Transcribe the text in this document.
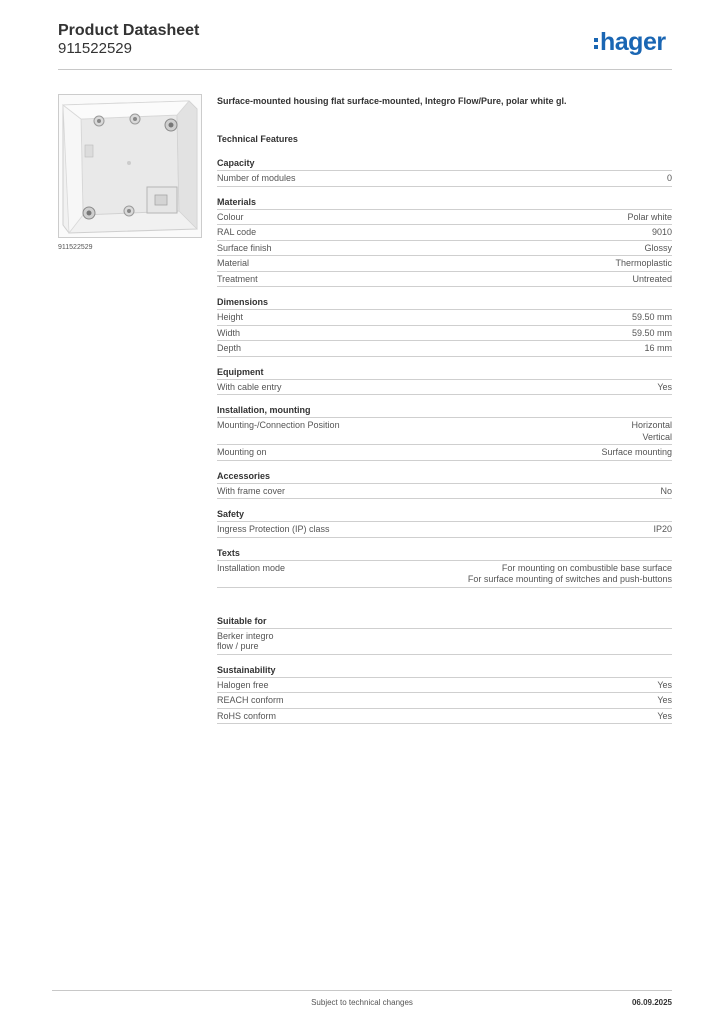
Product Datasheet
911522529	hager
911522529
Surface-mounted housing flat surface-mounted, Integro Flow/Pure, polar white gl.
Technical Features
Capacity
Number of modules	0
Materials
Colour	Polar white
RAL code	9010
Surface finish	Glossy
Material	Thermoplastic
Treatment	Untreated
Dimensions
Height	59.50 mm
Width	59.50 mm
Depth	16 mm
Equipment
With cable entry	Yes
Installation, mounting
Mounting-/Connection Position	Horizontal
Vertical
Mounting on	Surface mounting
Accessories
With frame cover	No
Safety
Ingress Protection (IP) class	IP20
Texts
Installation mode	For mounting on combustible base surface
For surface mounting of switches and push-buttons
Suitable for
Berker integro
flow / pure
Sustainability
Halogen free	Yes
REACH conform	Yes
RoHS conform	Yes
Subject to technical changes	06.09.2025
